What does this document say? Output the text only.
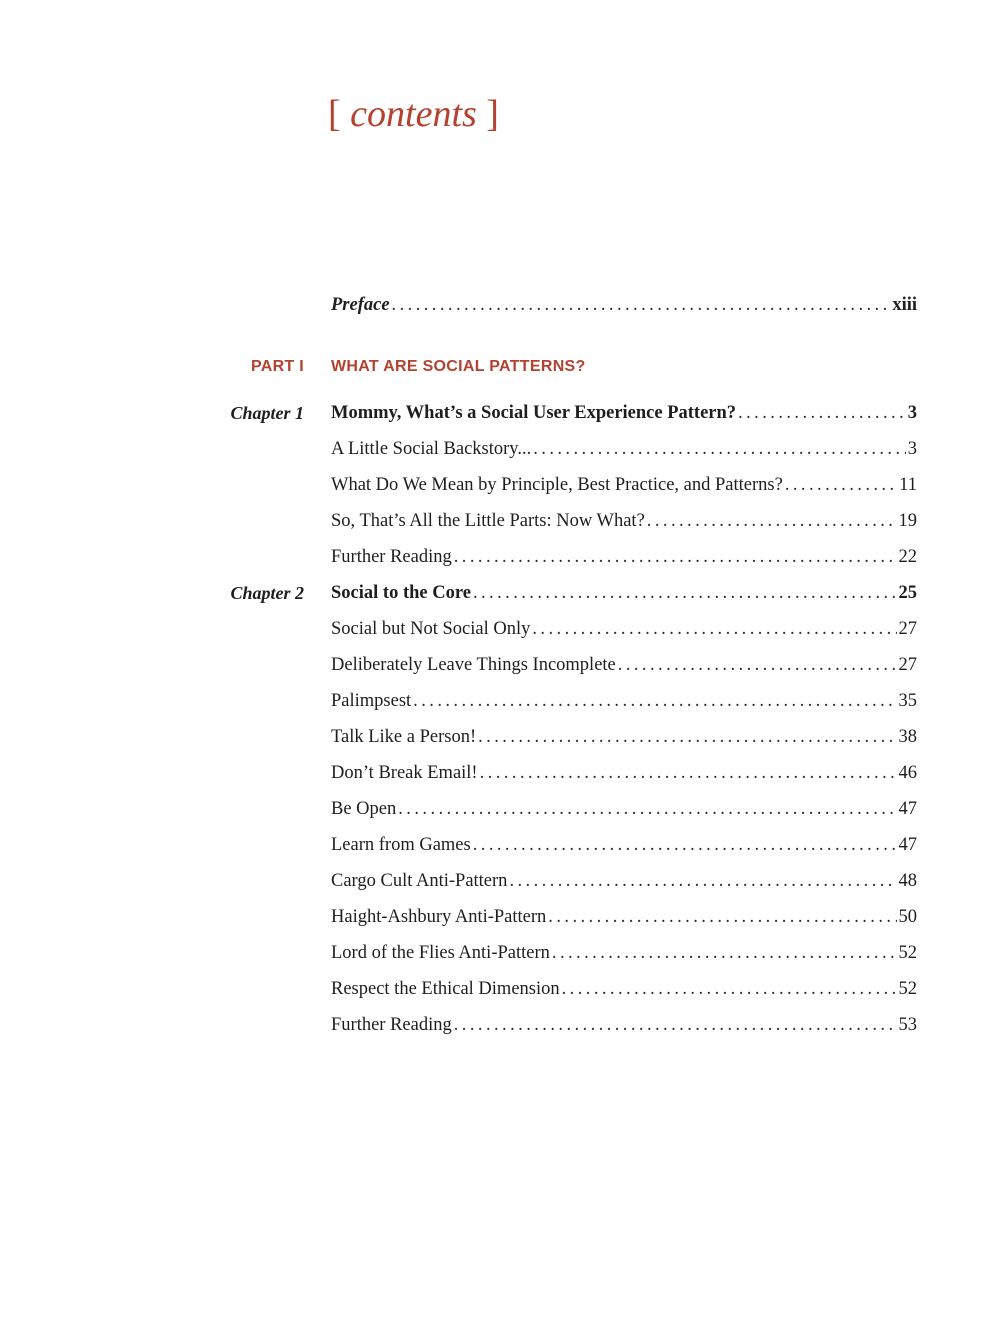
[ contents ]
Preface . . .	xiii
PART I WHAT ARE SOCIAL PATTERNS?
Chapter 1 Mommy, What’s a Social User Experience Pattern? . . .	3
A Little Social Backstory... . . .	3
What Do We Mean by Principle, Best Practice, and Patterns? . . .	11
So, That’s All the Little Parts: Now What? . . .	19
Further Reading . . .	22
Chapter 2 Social to the Core . . .	25
Social but Not Social Only . . .	27
Deliberately Leave Things Incomplete . . .	27
Palimpsest . . .	35
Talk Like a Person! . . .	38
Don’t Break Email! . . .	46
Be Open . . .	47
Learn from Games . . .	47
Cargo Cult Anti-Pattern . . .	48
Haight-Ashbury Anti-Pattern . . .	50
Lord of the Flies Anti-Pattern . . .	52
Respect the Ethical Dimension . . .	52
Further Reading . . .	53
